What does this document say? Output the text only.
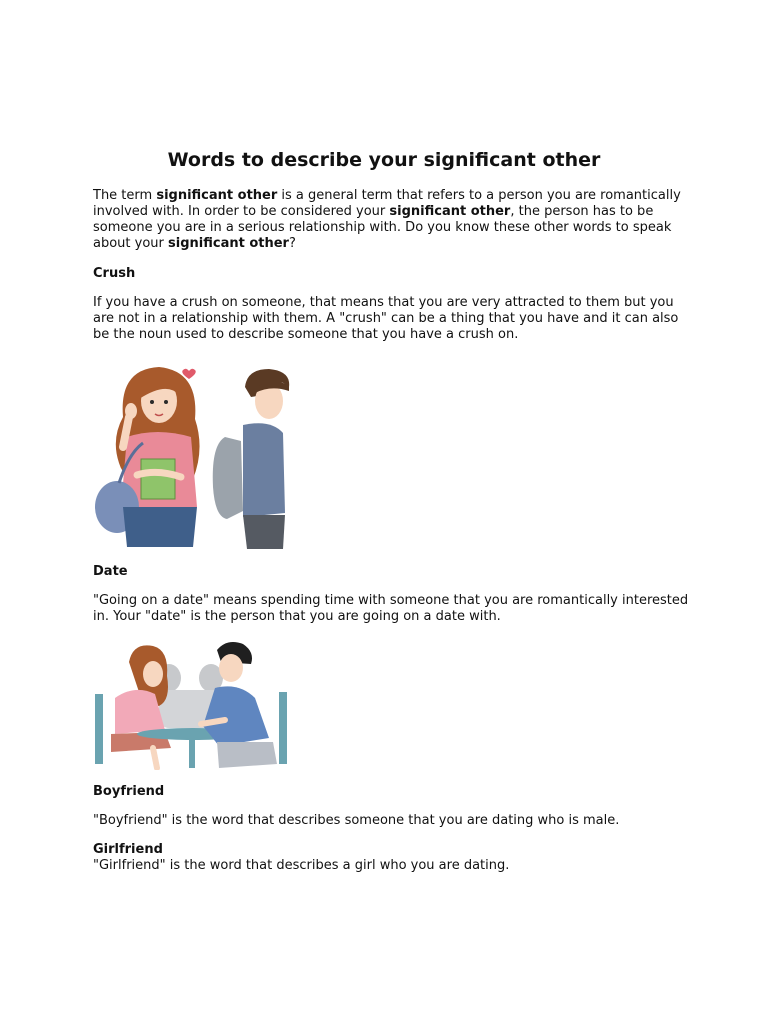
Words to describe your significant other

The term significant other is a general term that refers to a person you are romantically involved with. In order to be considered your significant other, the person has to be someone you are in a serious relationship with. Do you know these other words to speak about your significant other?

Crush

If you have a crush on someone, that means that you are very attracted to them but you are not in a relationship with them. A "crush" can be a thing that you have and it can also be the noun used to describe someone that you have a crush on.

Date

"Going on a date" means spending time with someone that you are romantically interested in. Your "date" is the person that you are going on a date with.

Boyfriend

"Boyfriend" is the word that describes someone that you are dating who is male.

Girlfriend

"Girlfriend" is the word that describes a girl who you are dating.
